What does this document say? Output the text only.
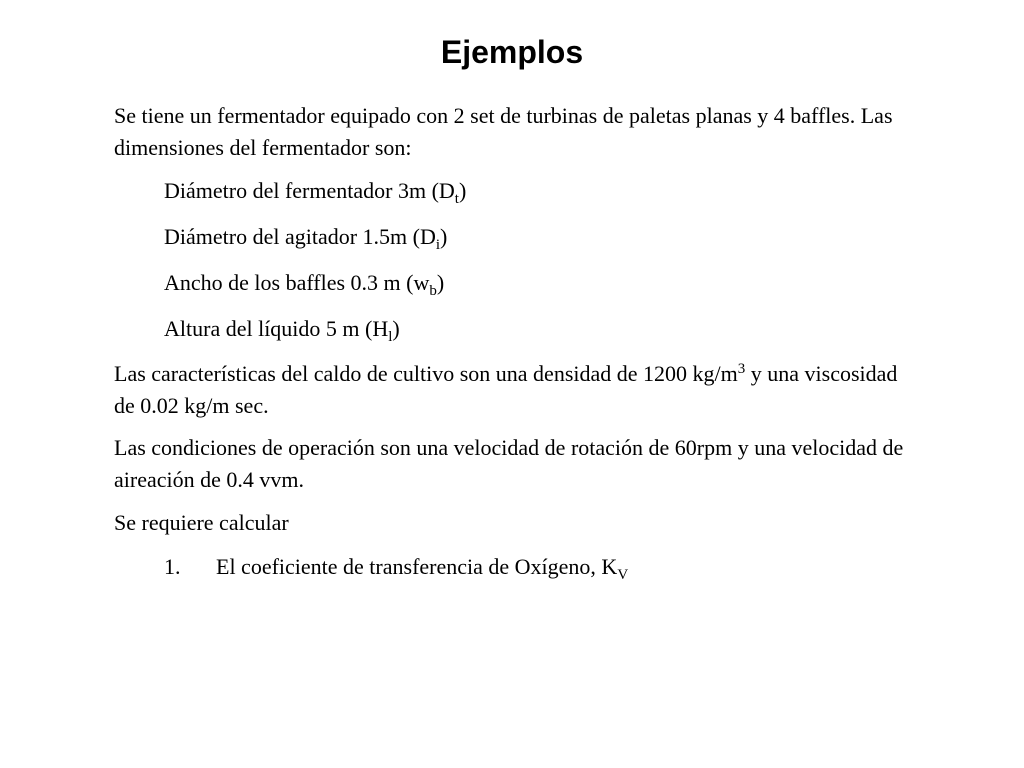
Ejemplos

Se tiene un fermentador equipado con 2 set de turbinas de paletas planas y 4 baffles. Las dimensiones del fermentador son:

Diámetro del fermentador 3m $(D_t)$

Diámetro del agitador 1.5m $(D_i)$

Ancho de los baffles 0.3 m $(w_b)$

Altura del líquido 5 m $(H_l)$

Las características del caldo de cultivo son una densidad de 1200 $kg/m^3$ y una viscosidad de 0.02 kg/m sec.

Las condiciones de operación son una velocidad de rotación de 60rpm y una velocidad de aireación de 0.4 vvm.

Se requiere calcular

1.	El coeficiente de transferencia de Oxígeno, $K_V$
